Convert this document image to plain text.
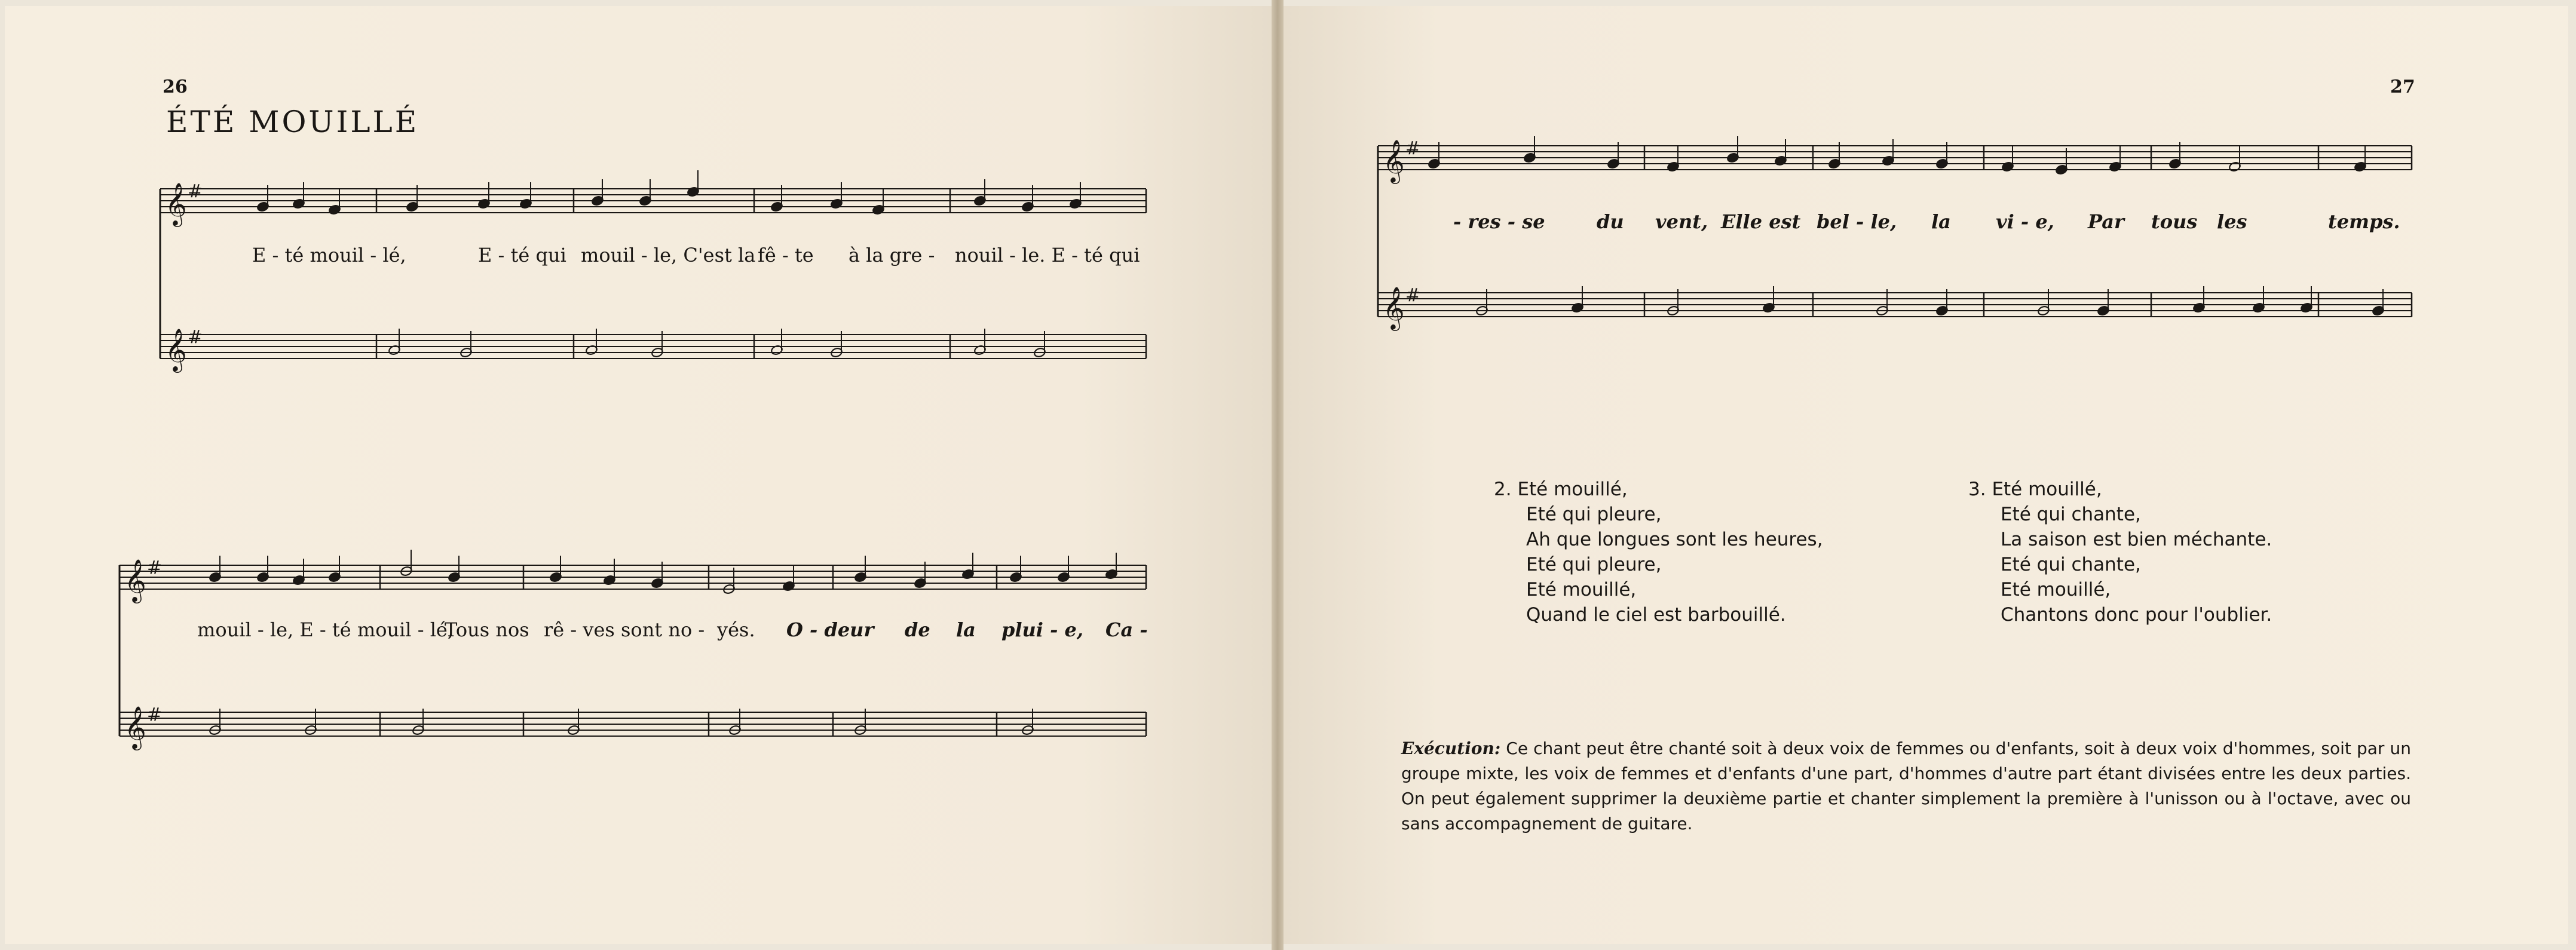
26
ÉTÉ MOUILLÉ
𝄞
𝄞
#
#
𝄞
𝄞
#
#
𝄞
𝄞
#
#
E - té mouil - lé,	E - té qui mouil - le, C'est la fê - te à la gre - nouil - le. E - té qui
mouil - le, E - té mouil - lé,
Tous nos rê - ves sont no - yés. O - deur de la plui - e, Ca -
27
- res - se	du vent, Elle est bel - le, la vi - e, Par tous les	temps.
2. Eté mouillé,
Eté qui pleure,
Ah que longues sont les heures,
Eté qui pleure,
Eté mouillé,
Quand le ciel est barbouillé.
3. Eté mouillé,
Eté qui chante,
La saison est bien méchante.
Eté qui chante,
Eté mouillé,
Chantons donc pour l'oublier.
Exécution: Ce chant peut être chanté soit à deux voix de femmes ou d'enfants, soit à deux voix d'hommes, soit par un groupe mixte, les voix de femmes et d'enfants d'une part, d'hommes d'autre part étant divisées entre les deux parties. On peut également supprimer la deuxième partie et chanter simplement la première à l'unisson ou à l'octave, avec ou sans accompagnement de guitare.
